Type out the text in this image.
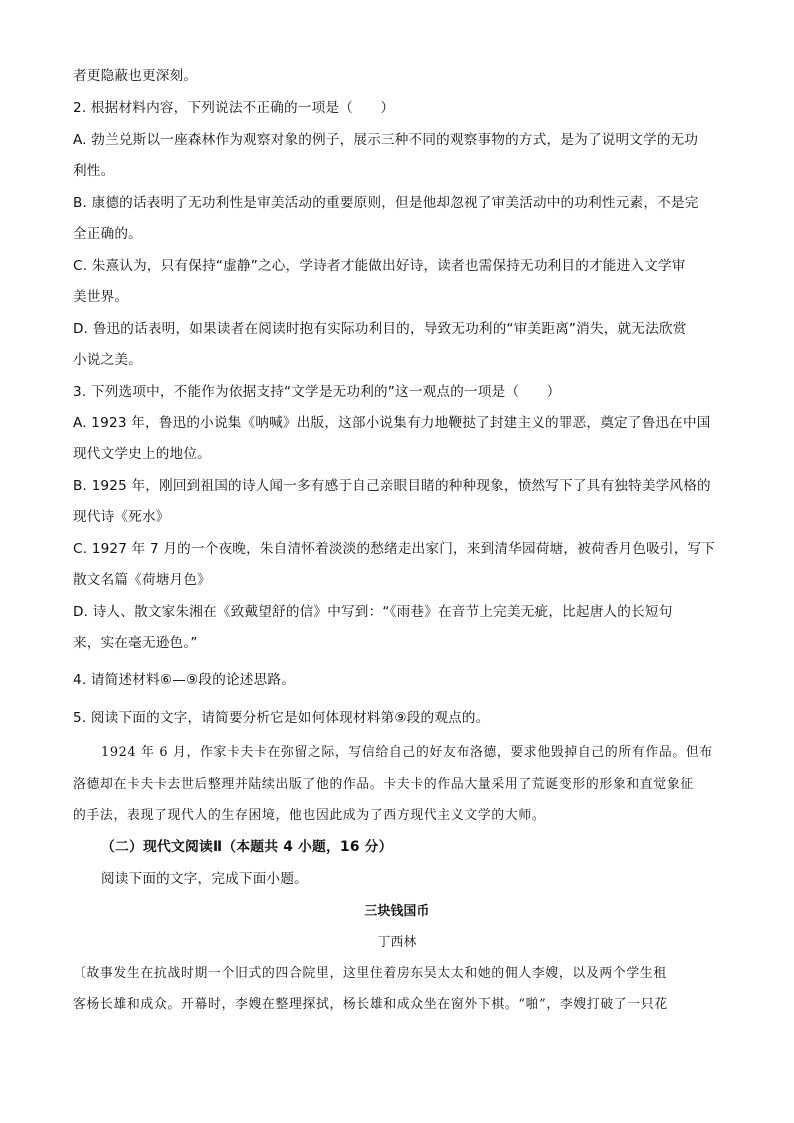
者更隐蔽也更深刻。
2. 根据材料内容，下列说法不正确的一项是（　　）
A. 勃兰兑斯以一座森林作为观察对象的例子，展示三种不同的观察事物的方式，是为了说明文学的无功
利性。
B. 康德的话表明了无功利性是审美活动的重要原则，但是他却忽视了审美活动中的功利性元素，不是完
全正确的。
C. 朱熹认为，只有保持“虚静”之心，学诗者才能做出好诗，读者也需保持无功利目的才能进入文学审
美世界。
D. 鲁迅的话表明，如果读者在阅读时抱有实际功利目的，导致无功利的“审美距离”消失，就无法欣赏
小说之美。
3. 下列选项中，不能作为依据支持“文学是无功利的”这一观点的一项是（　　）
A. 1923 年，鲁迅的小说集《呐喊》出版，这部小说集有力地鞭挞了封建主义的罪恶，奠定了鲁迅在中国
现代文学史上的地位。
B. 1925 年，刚回到祖国的诗人闻一多有感于自己亲眼目睹的种种现象，愤然写下了具有独特美学风格的
现代诗《死水》
C. 1927 年 7 月的一个夜晚，朱自清怀着淡淡的愁绪走出家门，来到清华园荷塘，被荷香月色吸引，写下
散文名篇《荷塘月色》
D. 诗人、散文家朱湘在《致戴望舒的信》中写到：“《雨巷》在音节上完美无疵，比起唐人的长短句
来，实在毫无逊色。”
4. 请简述材料⑥—⑨段的论述思路。
5. 阅读下面的文字，请简要分析它是如何体现材料第⑨段的观点的。
1924 年 6 月，作家卡夫卡在弥留之际，写信给自己的好友布洛德，要求他毁掉自己的所有作品。但布
洛德却在卡夫卡去世后整理并陆续出版了他的作品。卡夫卡的作品大量采用了荒诞变形的形象和直觉象征
的手法，表现了现代人的生存困境，他也因此成为了西方现代主义文学的大师。
（二）现代文阅读Ⅱ（本题共 4 小题，16 分）
阅读下面的文字，完成下面小题。
三块钱国币
丁西林
〔故事发生在抗战时期一个旧式的四合院里，这里住着房东吴太太和她的佣人李嫂，以及两个学生租
客杨长雄和成众。开幕时，李嫂在整理探拭，杨长雄和成众坐在窗外下棋。“啪”，李嫂打破了一只花
